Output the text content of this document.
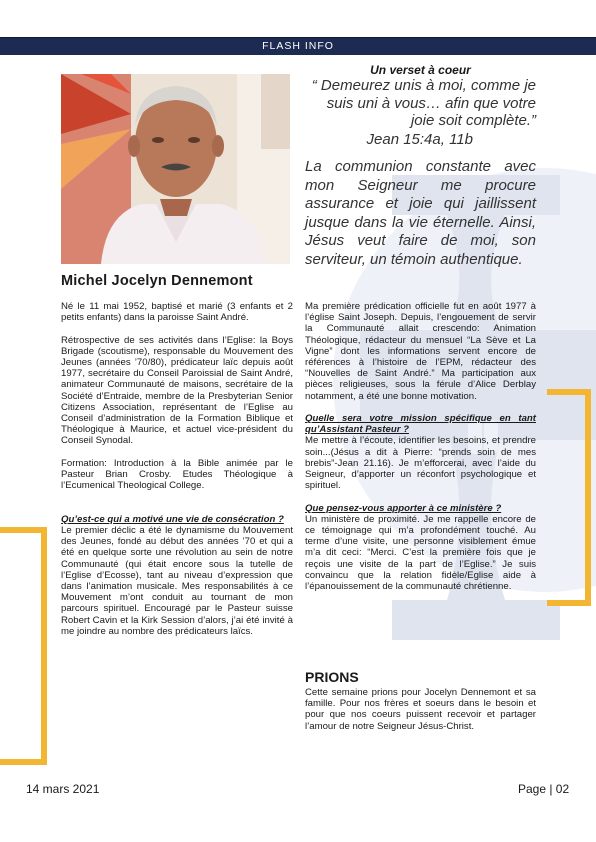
FLASH INFO
Michel Jocelyn Dennemont
Un verset à coeur
“ Demeurez unis à moi, comme je suis uni à vous… afin que votre joie soit complète.”
Jean 15:4a, 11b
La communion constante avec mon Seigneur me procure assurance et joie qui jaillissent jusque dans la vie éternelle. Ainsi, Jésus veut faire de moi, son serviteur, un témoin authentique.

Né le 11 mai 1952, baptisé et marié (3 enfants et 2 petits enfants) dans la paroisse Saint André.

Rétrospective de ses activités dans l’Eglise: la Boys Brigade (scoutisme), responsable du Mouvement des Jeunes (années ’70/80), prédicateur laïc depuis août 1977, secrétaire du Conseil Paroissial de Saint André, animateur Communauté de maisons, secrétaire de la Société d’Entraide, membre de la Presbyterian Senior Citizens Association, représentant de l’Eglise au Conseil d’administration de la Formation Biblique et Théologique à Maurice, et actuel vice-président du Conseil Synodal.

Formation: Introduction à la Bible animée par le Pasteur Brian Crosby. Etudes Théologique à l’Ecumenical Theological College.

Qu’est-ce qui a motivé une vie de consécration ?

Le premier déclic a été le dynamisme du Mouvement des Jeunes, fondé au début des années ’70 et qui a été en quelque sorte une révolution au sein de notre Communauté (qui était encore sous la tutelle de l’Eglise d’Ecosse), tant au niveau d’expression que dans l’animation musicale. Mes responsabilités à ce Mouvement m’ont conduit au tournant de mon parcours spirituel. Encouragé par le Pasteur suisse Robert Cavin et la Kirk Session d’alors, j’ai été invité à me joindre au nombre des prédicateurs laïcs.

Ma première prédication officielle fut en août 1977 à l’église Saint Joseph. Depuis, l’engouement de servir la Communauté allait crescendo: Animation Théologique, rédacteur du mensuel “La Sève et La Vigne” dont les informations servent encore de références à l’histoire de l’EPM, rédacteur des “Nouvelles de Saint André.” Ma participation aux pièces religieuses, sous la férule d’Alice Derblay notamment, a été une bonne motivation.

Quelle sera votre mission spécifique en tant qu’Assistant Pasteur ?

Me mettre à l’écoute, identifier les besoins, et prendre soin...(Jésus a dit à Pierre: “prends soin de mes brebis”-Jean 21.16). Je m’efforcerai, avec l’aide du Seigneur, d’apporter un réconfort psychologique et spirituel.

Que pensez-vous apporter à ce ministère ?

Un ministère de proximité. Je me rappelle encore de ce témoignage qui m’a profondément touché. Au terme d’une visite, une personne visiblement émue m’a dit ceci: “Merci. C’est la première fois que je reçois une visite de la part de l’Eglise.” Je suis convaincu que la relation fidèle/Eglise aide à l’épanouissement de la communauté chrétienne.

PRIONS
Cette semaine prions pour Jocelyn Dennemont et sa famille. Pour nos frères et soeurs dans le besoin et pour que nos coeurs puissent recevoir et partager l’amour de notre Seigneur Jésus-Christ.
14 mars 2021	Page | 02
